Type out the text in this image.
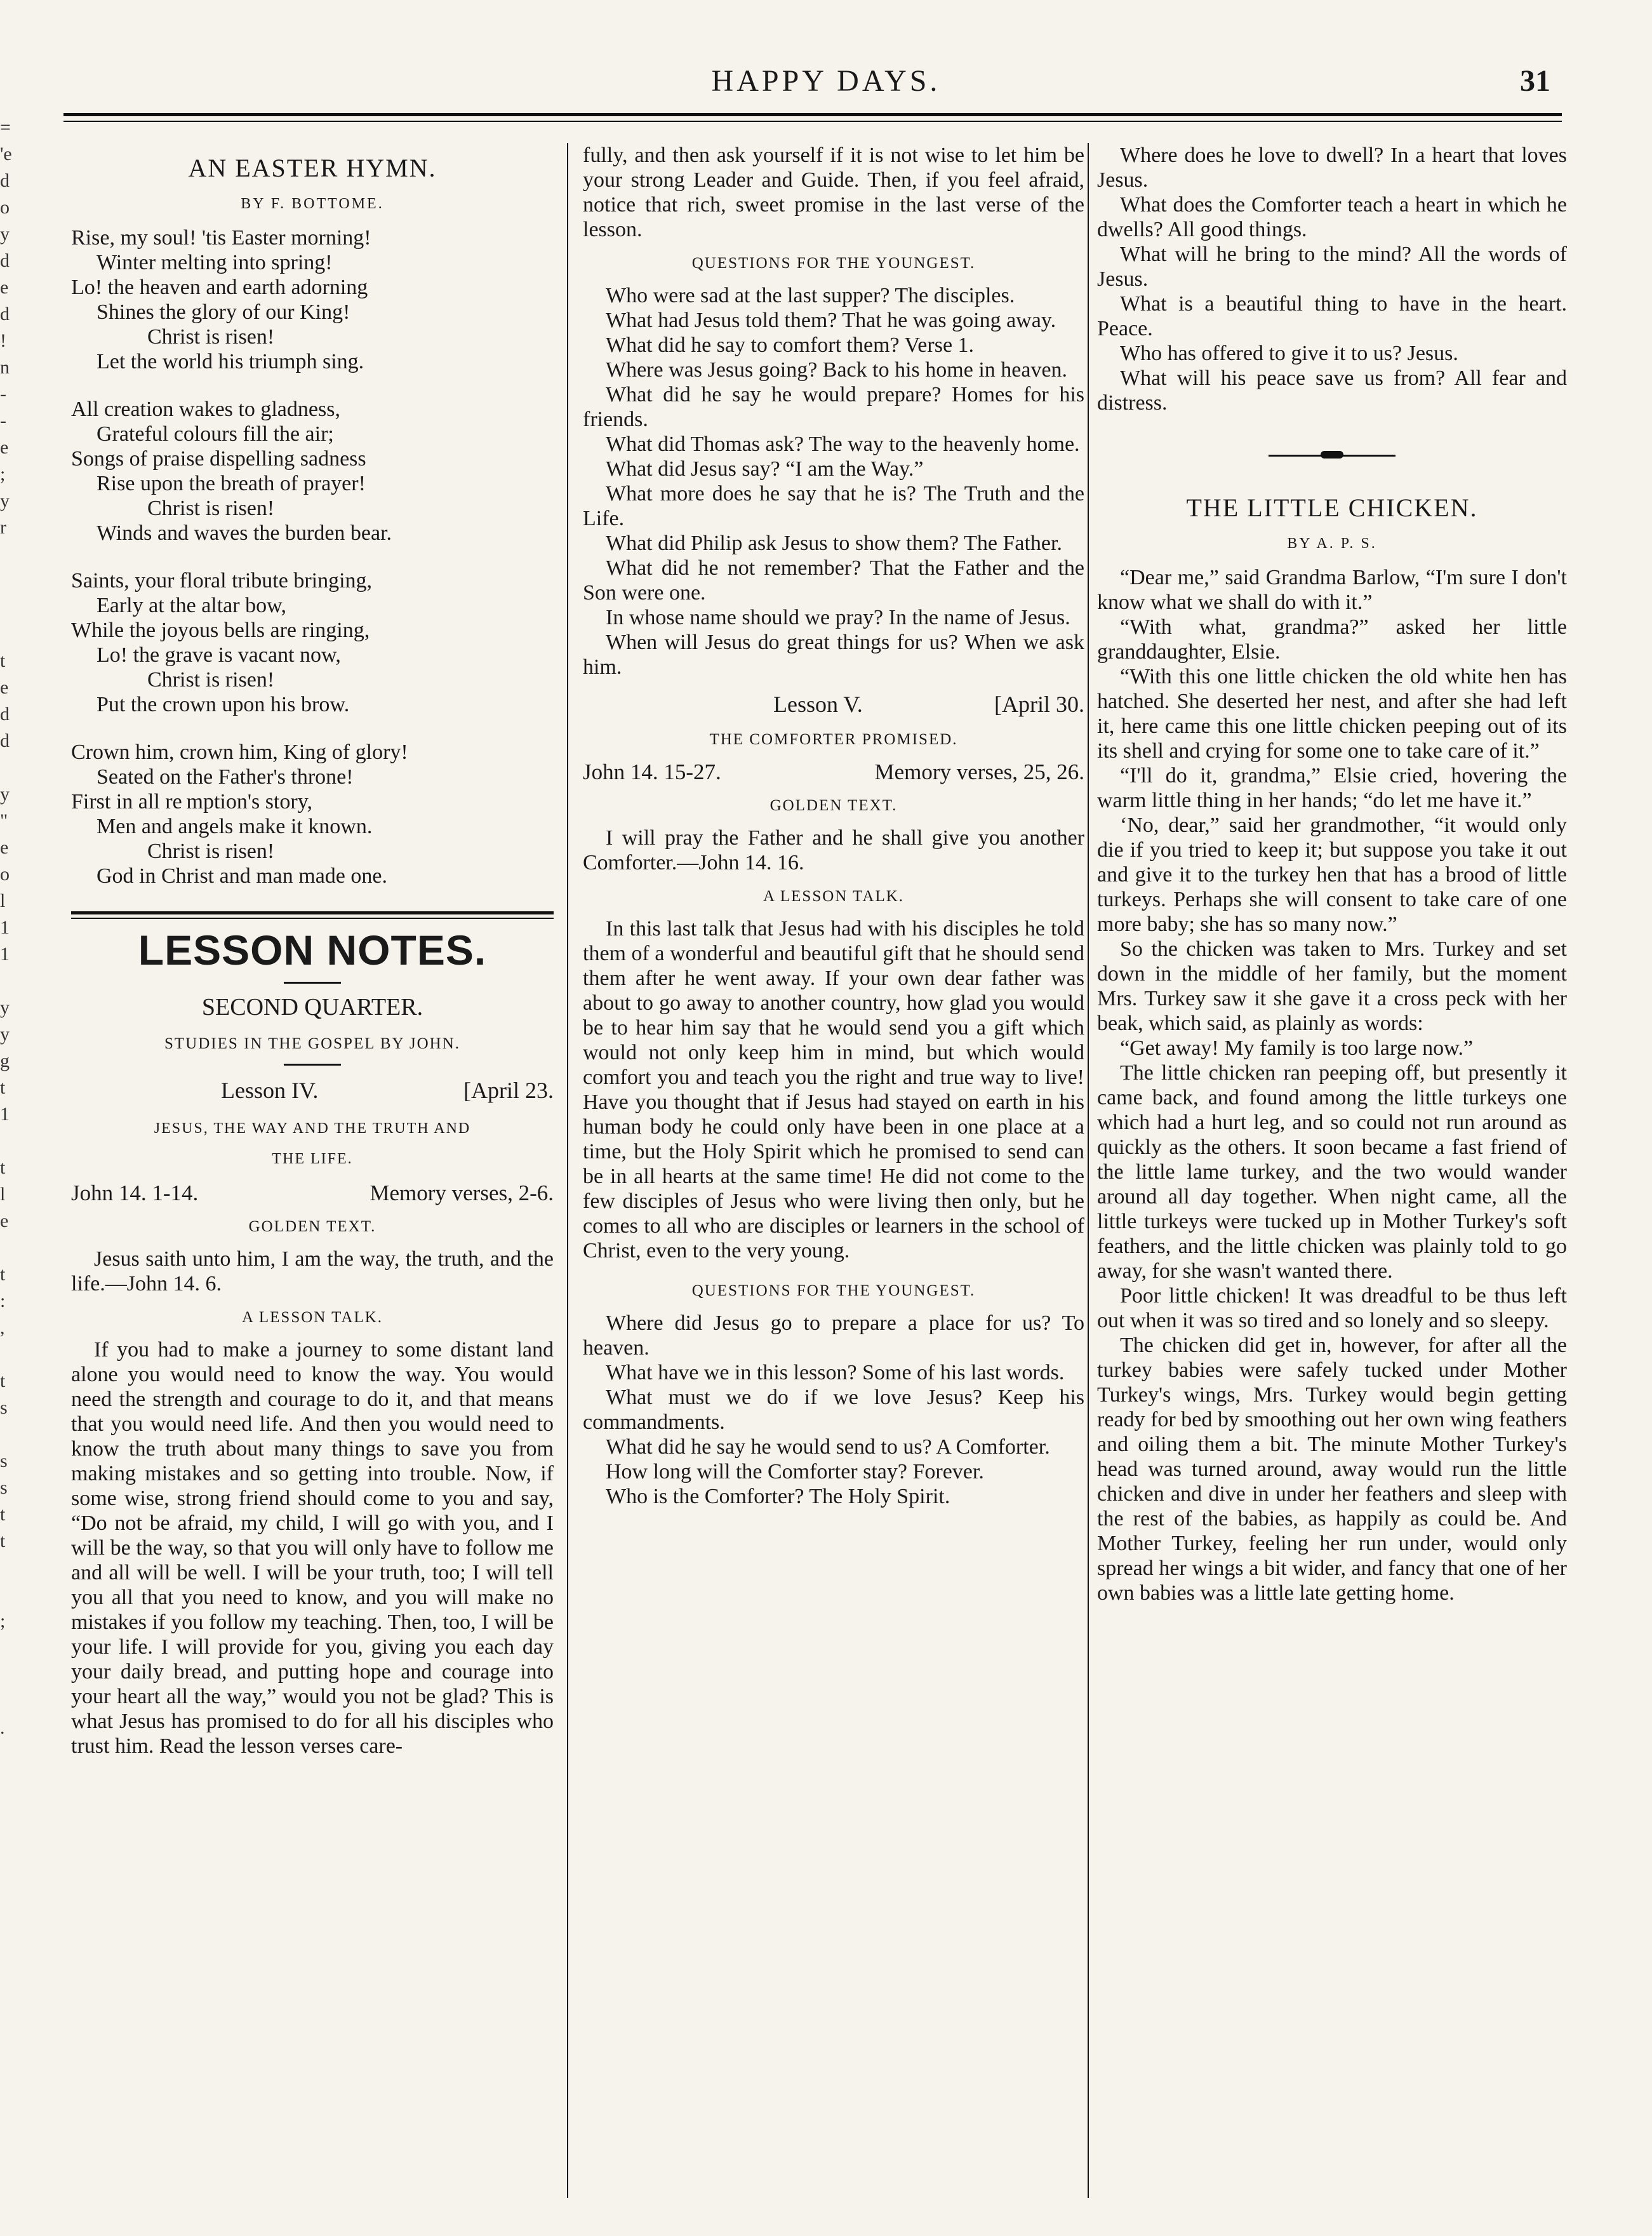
HAPPY DAYS.	31
=
'e
d
o
y
d
e
d
!
n
-
-
e
;
y
r
t
e
d
d
y
"
e
o
l
1
1
y
y
g
t
1
t
l
e
t
:
,
t
s
s
s
t
t
;
.
AN EASTER HYMN.
BY F. BOTTOME.
Rise, my soul! 'tis Easter morning!
Winter melting into spring!
Lo! the heaven and earth adorning
Shines the glory of our King!
Christ is risen!
Let the world his triumph sing.
All creation wakes to gladness,
Grateful colours fill the air;
Songs of praise dispelling sadness
Rise upon the breath of prayer!
Christ is risen!
Winds and waves the burden bear.
Saints, your floral tribute bringing,
Early at the altar bow,
While the joyous bells are ringing,
Lo! the grave is vacant now,
Christ is risen!
Put the crown upon his brow.
Crown him, crown him, King of glory!
Seated on the Father's throne!
First in all re mption's story,
Men and angels make it known.
Christ is risen!
God in Christ and man made one.
LESSON NOTES.
SECOND QUARTER.
STUDIES IN THE GOSPEL BY JOHN.
Lesson IV.	[April 23.
JESUS, THE WAY AND THE TRUTH AND
THE LIFE.
John 14. 1-14.	Memory verses, 2-6.
GOLDEN TEXT.

Jesus saith unto him, I am the way, the truth, and the life.—John 14. 6.

A LESSON TALK.

If you had to make a journey to some distant land alone you would need to know the way. You would need the strength and courage to do it, and that means that you would need life. And then you would need to know the truth about many things to save you from making mistakes and so getting into trouble. Now, if some wise, strong friend should come to you and say, “Do not be afraid, my child, I will go with you, and I will be the way, so that you will only have to follow me and all will be well. I will be your truth, too; I will tell you all that you need to know, and you will make no mistakes if you follow my teaching. Then, too, I will be your life. I will provide for you, giving you each day your daily bread, and putting hope and courage into your heart all the way,” would you not be glad? This is what Jesus has promised to do for all his disciples who trust him. Read the lesson verses care-

fully, and then ask yourself if it is not wise to let him be your strong Leader and Guide. Then, if you feel afraid, notice that rich, sweet promise in the last verse of the lesson.

QUESTIONS FOR THE YOUNGEST.

Who were sad at the last supper? The disciples.

What had Jesus told them? That he was going away.

What did he say to comfort them? Verse 1.

Where was Jesus going? Back to his home in heaven.

What did he say he would prepare? Homes for his friends.

What did Thomas ask? The way to the heavenly home.

What did Jesus say? “I am the Way.”

What more does he say that he is? The Truth and the Life.

What did Philip ask Jesus to show them? The Father.

What did he not remember? That the Father and the Son were one.

In whose name should we pray? In the name of Jesus.

When will Jesus do great things for us? When we ask him.

Lesson V.	[April 30.
THE COMFORTER PROMISED.
John 14. 15-27.	Memory verses, 25, 26.
GOLDEN TEXT.

I will pray the Father and he shall give you another Comforter.—John 14. 16.

A LESSON TALK.

In this last talk that Jesus had with his disciples he told them of a wonderful and beautiful gift that he should send them after he went away. If your own dear father was about to go away to another country, how glad you would be to hear him say that he would send you a gift which would not only keep him in mind, but which would comfort you and teach you the right and true way to live! Have you thought that if Jesus had stayed on earth in his human body he could only have been in one place at a time, but the Holy Spirit which he promised to send can be in all hearts at the same time! He did not come to the few disciples of Jesus who were living then only, but he comes to all who are disciples or learners in the school of Christ, even to the very young.

QUESTIONS FOR THE YOUNGEST.

Where did Jesus go to prepare a place for us? To heaven.

What have we in this lesson? Some of his last words.

What must we do if we love Jesus? Keep his commandments.

What did he say he would send to us? A Comforter.

How long will the Comforter stay? Forever.

Who is the Comforter? The Holy Spirit.

Where does he love to dwell? In a heart that loves Jesus.

What does the Comforter teach a heart in which he dwells? All good things.

What will he bring to the mind? All the words of Jesus.

What is a beautiful thing to have in the heart. Peace.

Who has offered to give it to us? Jesus.

What will his peace save us from? All fear and distress.

THE LITTLE CHICKEN.
BY A. P. S.

“Dear me,” said Grandma Barlow, “I'm sure I don't know what we shall do with it.”

“With what, grandma?” asked her little granddaughter, Elsie.

“With this one little chicken the old white hen has hatched. She deserted her nest, and after she had left it, here came this one little chicken peeping out of its its shell and crying for some one to take care of it.”

“I'll do it, grandma,” Elsie cried, hovering the warm little thing in her hands; “do let me have it.”

‘No, dear,” said her grandmother, “it would only die if you tried to keep it; but suppose you take it out and give it to the turkey hen that has a brood of little turkeys. Perhaps she will consent to take care of one more baby; she has so many now.”

So the chicken was taken to Mrs. Turkey and set down in the middle of her family, but the moment Mrs. Turkey saw it she gave it a cross peck with her beak, which said, as plainly as words:

“Get away! My family is too large now.”

The little chicken ran peeping off, but presently it came back, and found among the little turkeys one which had a hurt leg, and so could not run around as quickly as the others. It soon became a fast friend of the little lame turkey, and the two would wander around all day together. When night came, all the little turkeys were tucked up in Mother Turkey's soft feathers, and the little chicken was plainly told to go away, for she wasn't wanted there.

Poor little chicken! It was dreadful to be thus left out when it was so tired and so lonely and so sleepy.

The chicken did get in, however, for after all the turkey babies were safely tucked under Mother Turkey's wings, Mrs. Turkey would begin getting ready for bed by smoothing out her own wing feathers and oiling them a bit. The minute Mother Turkey's head was turned around, away would run the little chicken and dive in under her feathers and sleep with the rest of the babies, as happily as could be. And Mother Turkey, feeling her run under, would only spread her wings a bit wider, and fancy that one of her own babies was a little late getting home.
